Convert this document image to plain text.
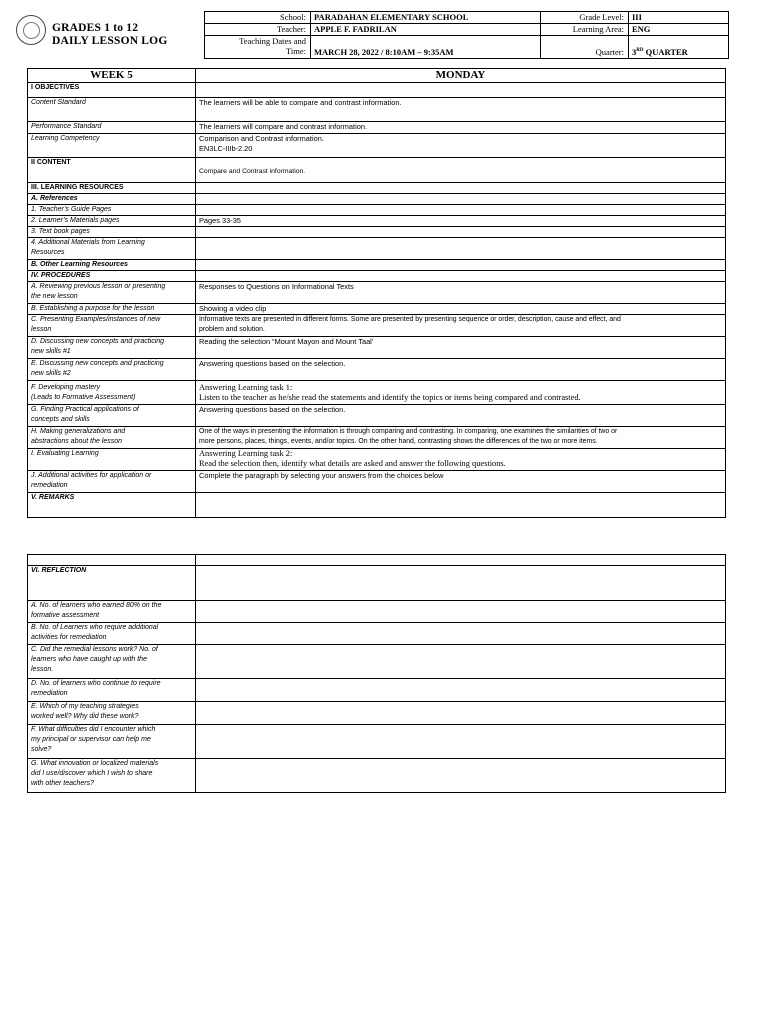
GRADES 1 to 12
DAILY LESSON LOG
School:	PARADAHAN ELEMENTARY SCHOOL	Grade Level:	III
Teacher:	APPLE F. FADRILAN	Learning Area:	ENG
Teaching Dates and
Time:	MARCH 28, 2022 / 8:10AM – 9:35AM	Quarter:	3RD QUARTER
WEEK 5	MONDAY
I OBJECTIVES	
Content Standard	The learners will be able to compare and contrast information.
Performance Standard	The learners will compare and contrast information.
Learning Competency	Comparison and Contrast information.
EN3LC-IIIb-2.20
II CONTENT	Compare and Contrast information.
III. LEARNING RESOURCES	
A. References	
1. Teacher’s Guide Pages	
2. Learner’s Materials pages	Pages 33-35
3. Text book pages	
4. Additional Materials from Learning
Resources	
B. Other Learning Resources	
IV. PROCEDURES	
A. Reviewing previous lesson or presenting
the new lesson	Responses to Questions on Informational Texts
B. Establishing a purpose for the lesson	Showing a video clip
C. Presenting Examples/instances of new
lesson	Informative texts are presented in different forms. Some are presented by presenting sequence or order, description, cause and effect, and
problem and solution.
D. Discussing new concepts and practicing
new skills #1	Reading the selection “Mount Mayon and Mount Taal’
E. Discussing new concepts and practicing
new skills #2	Answering questions based on the selection.
F. Developing mastery
(Leads to Formative Assessment)	Answering Learning task 1:
Listen to the teacher as he/she read the statements and identify the topics or items being compared and contrasted.
G. Finding Practical applications of
concepts and skills	Answering questions based on the selection.
H. Making generalizations and
abstractions about the lesson	One of the ways in presenting the information is through comparing and contrasting. In comparing, one examines the similarities of two or
more persons, places, things, events, and/or topics. On the other hand, contrasting shows the differences of the two or more items.
I. Evaluating Learning	Answering Learning task 2:
Read the selection then, identify what details are asked and answer the following questions.
J. Additional activities for application or
remediation	Complete the paragraph by selecting your answers from the choices below
V. REMARKS	

VI. REFLECTION	
A. No. of learners who earned 80% on the
formative assessment	
B. No. of Learners who require additional
activities for remediation	
C. Did the remedial lessons work? No. of
learners who have caught up with the
lesson.	
D. No. of learners who continue to require
remediation	
E. Which of my teaching strategies
worked well? Why did these work?	
F. What difficulties did I encounter which
my principal or supervisor can help me
solve?	
G. What innovation or localized materials
did I use/discover which I wish to share
with other teachers?	
